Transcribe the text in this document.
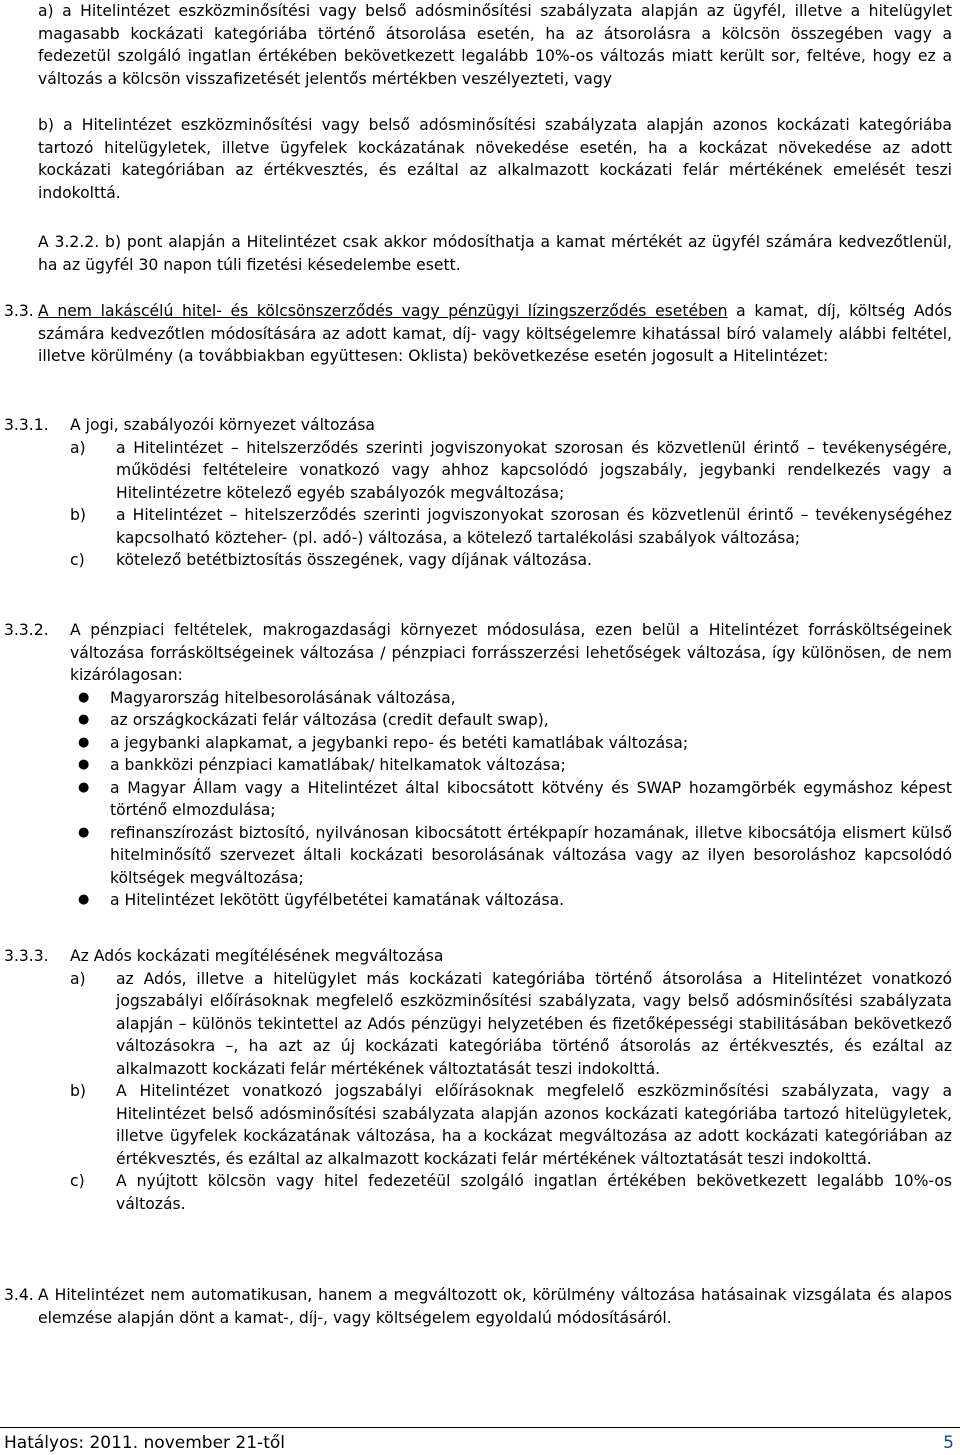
a) a Hitelintézet eszközminősítési vagy belső adósminősítési szabályzata alapján az ügyfél, illetve a hitelügylet magasabb kockázati kategóriába történő átsorolása esetén, ha az átsorolásra a kölcsön összegében vagy a fedezetül szolgáló ingatlan értékében bekövetkezett legalább 10%-os változás miatt került sor, feltéve, hogy ez a változás a kölcsön visszafizetését jelentős mértékben veszélyezteti, vagy

b) a Hitelintézet eszközminősítési vagy belső adósminősítési szabályzata alapján azonos kockázati kategóriába tartozó hitelügyletek, illetve ügyfelek kockázatának növekedése esetén, ha a kockázat növekedése az adott kockázati kategóriában az értékvesztés, és ezáltal az alkalmazott kockázati felár mértékének emelését teszi indokolttá.

A 3.2.2. b) pont alapján a Hitelintézet csak akkor módosíthatja a kamat mértékét az ügyfél számára kedvezőtlenül, ha az ügyfél 30 napon túli fizetési késedelembe esett.

3.3. A nem lakáscélú hitel- és kölcsönszerződés vagy pénzügyi lízingszerződés esetében a kamat, díj, költség Adós számára kedvezőtlen módosítására az adott kamat, díj- vagy költségelemre kihatással bíró valamely alábbi feltétel, illetve körülmény (a továbbiakban együttesen: Oklista) bekövetkezése esetén jogosult a Hitelintézet:
3.3.1.	A jogi, szabályozói környezet változása
a)	a Hitelintézet – hitelszerződés szerinti jogviszonyokat szorosan és közvetlenül érintő – tevékenységére, működési feltételeire vonatkozó vagy ahhoz kapcsolódó jogszabály, jegybanki rendelkezés vagy a Hitelintézetre kötelező egyéb szabályozók megváltozása;
b)	a Hitelintézet – hitelszerződés szerinti jogviszonyokat szorosan és közvetlenül érintő – tevékenységéhez kapcsolható közteher- (pl. adó-) változása, a kötelező tartalékolási szabályok változása;
c)	kötelező betétbiztosítás összegének, vagy díjának változása.
3.3.2.	A pénzpiaci feltételek, makrogazdasági környezet módosulása, ezen belül a Hitelintézet forrásköltségeinek változása forrásköltségeinek változása / pénzpiaci forrásszerzési lehetőségek változása, így különösen, de nem kizárólagosan:
●	Magyarország hitelbesorolásának változása,
●	az országkockázati felár változása (credit default swap),
●	a jegybanki alapkamat, a jegybanki repo- és betéti kamatlábak változása;
●	a bankközi pénzpiaci kamatlábak/ hitelkamatok változása;
●	a Magyar Állam vagy a Hitelintézet által kibocsátott kötvény és SWAP hozamgörbék egymáshoz képest történő elmozdulása;
●	refinanszírozást biztosító, nyilvánosan kibocsátott értékpapír hozamának, illetve kibocsátója elismert külső hitelminősítő szervezet általi kockázati besorolásának változása vagy az ilyen besoroláshoz kapcsolódó költségek megváltozása;
●	a Hitelintézet lekötött ügyfélbetétei kamatának változása.
3.3.3.	Az Adós kockázati megítélésének megváltozása
a)	az Adós, illetve a hitelügylet más kockázati kategóriába történő átsorolása a Hitelintézet vonatkozó jogszabályi előírásoknak megfelelő eszközminősítési szabályzata, vagy belső adósminősítési szabályzata alapján – különös tekintettel az Adós pénzügyi helyzetében és fizetőképességi stabilitásában bekövetkező változásokra –, ha azt az új kockázati kategóriába történő átsorolás az értékvesztés, és ezáltal az alkalmazott kockázati felár mértékének változtatását teszi indokolttá.
b)	A Hitelintézet vonatkozó jogszabályi előírásoknak megfelelő eszközminősítési szabályzata, vagy a Hitelintézet belső adósminősítési szabályzata alapján azonos kockázati kategóriába tartozó hitelügyletek, illetve ügyfelek kockázatának változása, ha a kockázat megváltozása az adott kockázati kategóriában az értékvesztés, és ezáltal az alkalmazott kockázati felár mértékének változtatását teszi indokolttá.
c)	A nyújtott kölcsön vagy hitel fedezetéül szolgáló ingatlan értékében bekövetkezett legalább 10%-os változás.
3.4. A Hitelintézet nem automatikusan, hanem a megváltozott ok, körülmény változása hatásainak vizsgálata és alapos elemzése alapján dönt a kamat-, díj-, vagy költségelem egyoldalú módosításáról.
Hatályos: 2011. november 21-től	5
